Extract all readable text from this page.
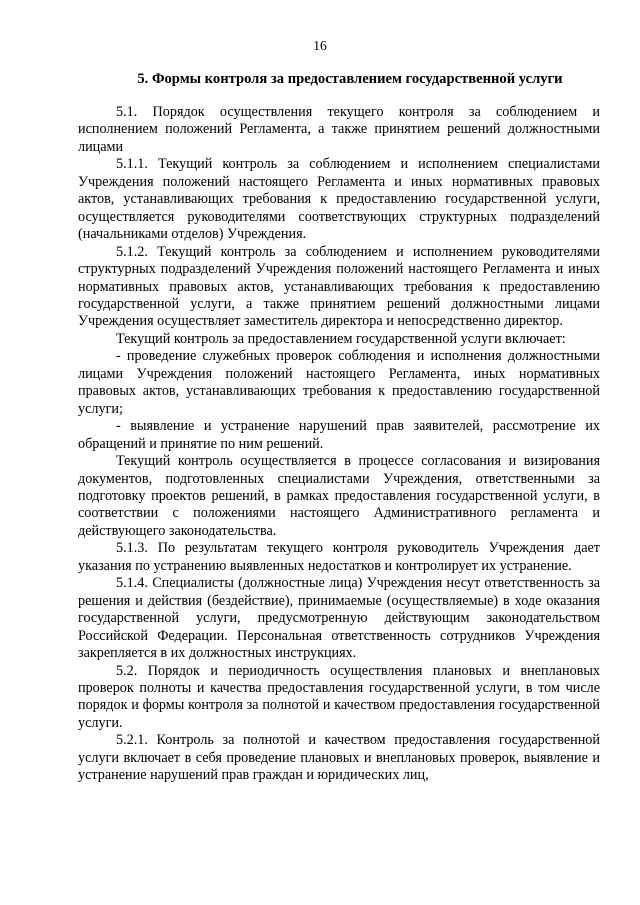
16
5. Формы контроля за предоставлением государственной услуги

5.1. Порядок осуществления текущего контроля за соблюдением и исполнением положений Регламента, а также принятием решений должностными лицами

5.1.1. Текущий контроль за соблюдением и исполнением специалистами Учреждения положений настоящего Регламента и иных нормативных правовых актов, устанавливающих требования к предоставлению государственной услуги, осуществляется руководителями соответствующих структурных подразделений (начальниками отделов) Учреждения.

5.1.2. Текущий контроль за соблюдением и исполнением руководителями структурных подразделений Учреждения положений настоящего Регламента и иных нормативных правовых актов, устанавливающих требования к предоставлению государственной услуги, а также принятием решений должностными лицами Учреждения осуществляет заместитель директора и непосредственно директор.

Текущий контроль за предоставлением государственной услуги включает:

- проведение служебных проверок соблюдения и исполнения должностными лицами Учреждения положений настоящего Регламента, иных нормативных правовых актов, устанавливающих требования к предоставлению государственной услуги;

- выявление и устранение нарушений прав заявителей, рассмотрение их обращений и принятие по ним решений.

Текущий контроль осуществляется в процессе согласования и визирования документов, подготовленных специалистами Учреждения, ответственными за подготовку проектов решений, в рамках предоставления государственной услуги, в соответствии с положениями настоящего Административного регламента и действующего законодательства.

5.1.3. По результатам текущего контроля руководитель Учреждения дает указания по устранению выявленных недостатков и контролирует их устранение.

5.1.4. Специалисты (должностные лица) Учреждения несут ответственность за решения и действия (бездействие), принимаемые (осуществляемые) в ходе оказания государственной услуги, предусмотренную действующим законодательством Российской Федерации. Персональная ответственность сотрудников Учреждения закрепляется в их должностных инструкциях.

5.2. Порядок и периодичность осуществления плановых и внеплановых проверок полноты и качества предоставления государственной услуги, в том числе порядок и формы контроля за полнотой и качеством предоставления государственной услуги.

5.2.1. Контроль за полнотой и качеством предоставления государственной услуги включает в себя проведение плановых и внеплановых проверок, выявление и устранение нарушений прав граждан и юридических лиц,
